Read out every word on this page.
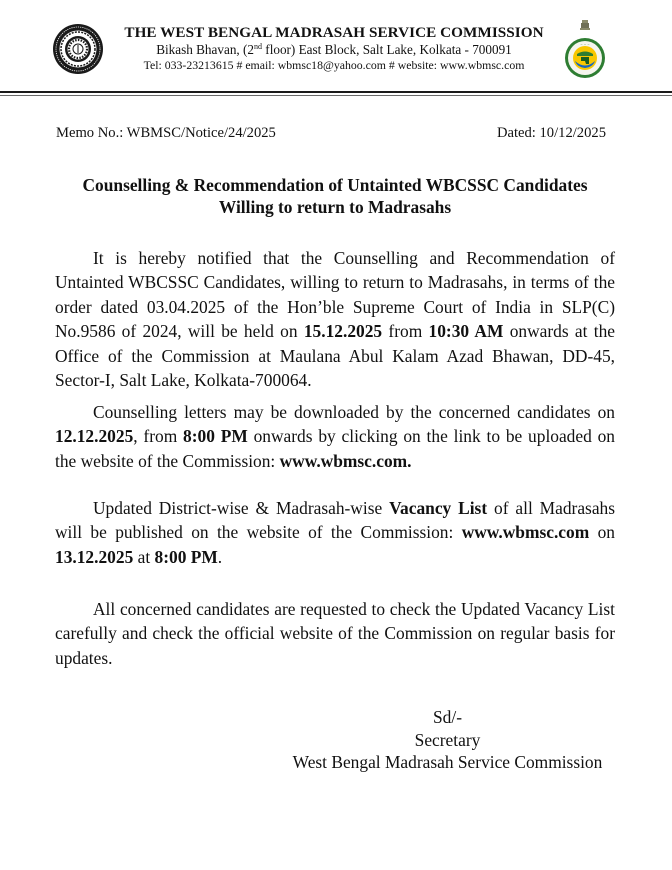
THE WEST BENGAL MADRASAH SERVICE COMMISSION
Bikash Bhavan, (2nd floor) East Block, Salt Lake, Kolkata - 700091
Tel: 033-23213615 # email: wbmsc18@yahoo.com # website: www.wbmsc.com
~ ~ ~
Memo No.: WBMSC/Notice/24/2025	Dated: 10/12/2025
Counselling & Recommendation of Untainted WBCSSC Candidates
Willing to return to Madrasahs
It is hereby notified that the Counselling and Recommendation of Untainted WBCSSC Candidates, willing to return to Madrasahs, in terms of the order dated 03.04.2025 of the Hon’ble Supreme Court of India in SLP(C) No.9586 of 2024, will be held on 15.12.2025 from 10:30 AM onwards at the Office of the Commission at Maulana Abul Kalam Azad Bhawan, DD-45, Sector-I, Salt Lake, Kolkata-700064.
Counselling letters may be downloaded by the concerned candidates on 12.12.2025, from 8:00 PM onwards by clicking on the link to be uploaded on the website of the Commission: www.wbmsc.com.
Updated District-wise & Madrasah-wise Vacancy List of all Madrasahs will be published on the website of the Commission: www.wbmsc.com on 13.12.2025 at 8:00 PM.
All concerned candidates are requested to check the Updated Vacancy List carefully and check the official website of the Commission on regular basis for updates.
Sd/-
Secretary
West Bengal Madrasah Service Commission
